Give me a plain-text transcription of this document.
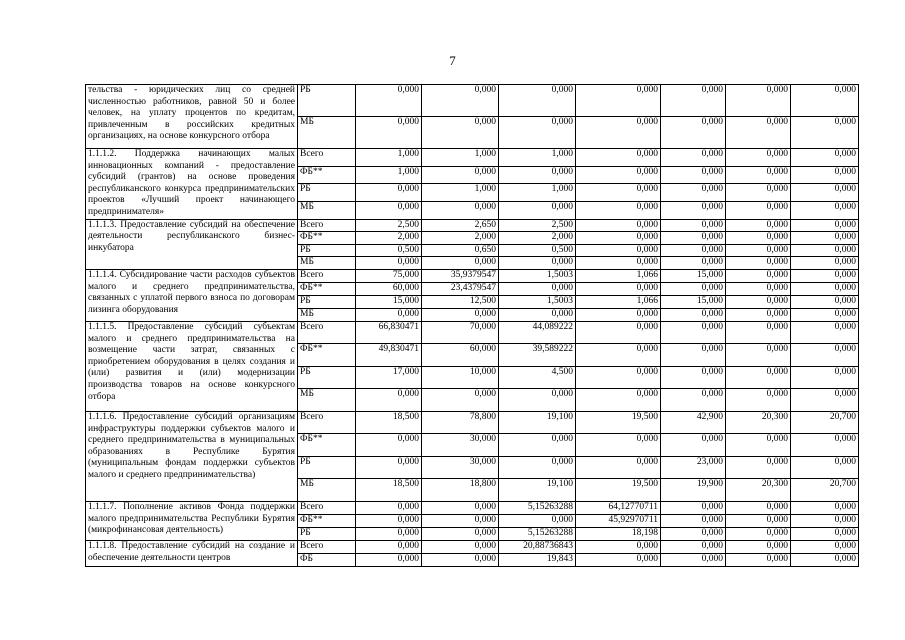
7
тельства - юридических лиц со средней численностью работников, равной 50 и более человек, на уплату процентов по кредитам, привлеченным в российских кредитных организациях, на основе конкурсного отбора	РБ	0,000	0,000	0,000	0,000	0,000	0,000	0,000
	МБ	0,000	0,000	0,000	0,000	0,000	0,000	0,000
1.1.1.2. Поддержка начинающих малых инновационных компаний - предоставление субсидий (грантов) на основе проведения республиканского конкурса предпринимательских проектов «Лучший проект начинающего предпринимателя»	Всего	1,000	1,000	1,000	0,000	0,000	0,000	0,000
	ФБ**	1,000	0,000	0,000	0,000	0,000	0,000	0,000
	РБ	0,000	1,000	1,000	0,000	0,000	0,000	0,000
	МБ	0,000	0,000	0,000	0,000	0,000	0,000	0,000
1.1.1.3. Предоставление субсидий на обеспечение деятельности республиканского бизнес-инкубатора	Всего	2,500	2,650	2,500	0,000	0,000	0,000	0,000
	ФБ**	2,000	2,000	2,000	0,000	0,000	0,000	0,000
	РБ	0,500	0,650	0,500	0,000	0,000	0,000	0,000
	МБ	0,000	0,000	0,000	0,000	0,000	0,000	0,000
1.1.1.4. Субсидирование части расходов субъектов малого и среднего предпринимательства, связанных с уплатой первого взноса по договорам лизинга оборудования	Всего	75,000	35,9379547	1,5003	1,066	15,000	0,000	0,000
	ФБ**	60,000	23,4379547	0,000	0,000	0,000	0,000	0,000
	РБ	15,000	12,500	1,5003	1,066	15,000	0,000	0,000
	МБ	0,000	0,000	0,000	0,000	0,000	0,000	0,000
1.1.1.5. Предоставление субсидий субъектам малого и среднего предпринимательства на возмещение части затрат, связанных с приобретением оборудования в целях создания и (или) развития и (или) модернизации производства товаров на основе конкурсного отбора	Всего	66,830471	70,000	44,089222	0,000	0,000	0,000	0,000
	ФБ**	49,830471	60,000	39,589222	0,000	0,000	0,000	0,000
	РБ	17,000	10,000	4,500	0,000	0,000	0,000	0,000
	МБ	0,000	0,000	0,000	0,000	0,000	0,000	0,000
1.1.1.6. Предоставление субсидий организациям инфраструктуры поддержки субъектов малого и среднего предпринимательства в муниципальных образованиях в Республике Бурятия (муниципальным фондам поддержки субъектов малого и среднего предпринимательства)	Всего	18,500	78,800	19,100	19,500	42,900	20,300	20,700
	ФБ**	0,000	30,000	0,000	0,000	0,000	0,000	0,000
	РБ	0,000	30,000	0,000	0,000	23,000	0,000	0,000
	МБ	18,500	18,800	19,100	19,500	19,900	20,300	20,700
1.1.1.7. Пополнение активов Фонда поддержки малого предпринимательства Республики Бурятия (микрофинансовая деятельность)	Всего	0,000	0,000	5,15263288	64,12770711	0,000	0,000	0,000
	ФБ**	0,000	0,000	0,000	45,92970711	0,000	0,000	0,000
	РБ	0,000	0,000	5,15263288	18,198	0,000	0,000	0,000
1.1.1.8. Предоставление субсидий на создание и обеспечение деятельности центров	Всего	0,000	0,000	20,88736843	0,000	0,000	0,000	0,000
	ФБ	0,000	0,000	19,843	0,000	0,000	0,000	0,000
